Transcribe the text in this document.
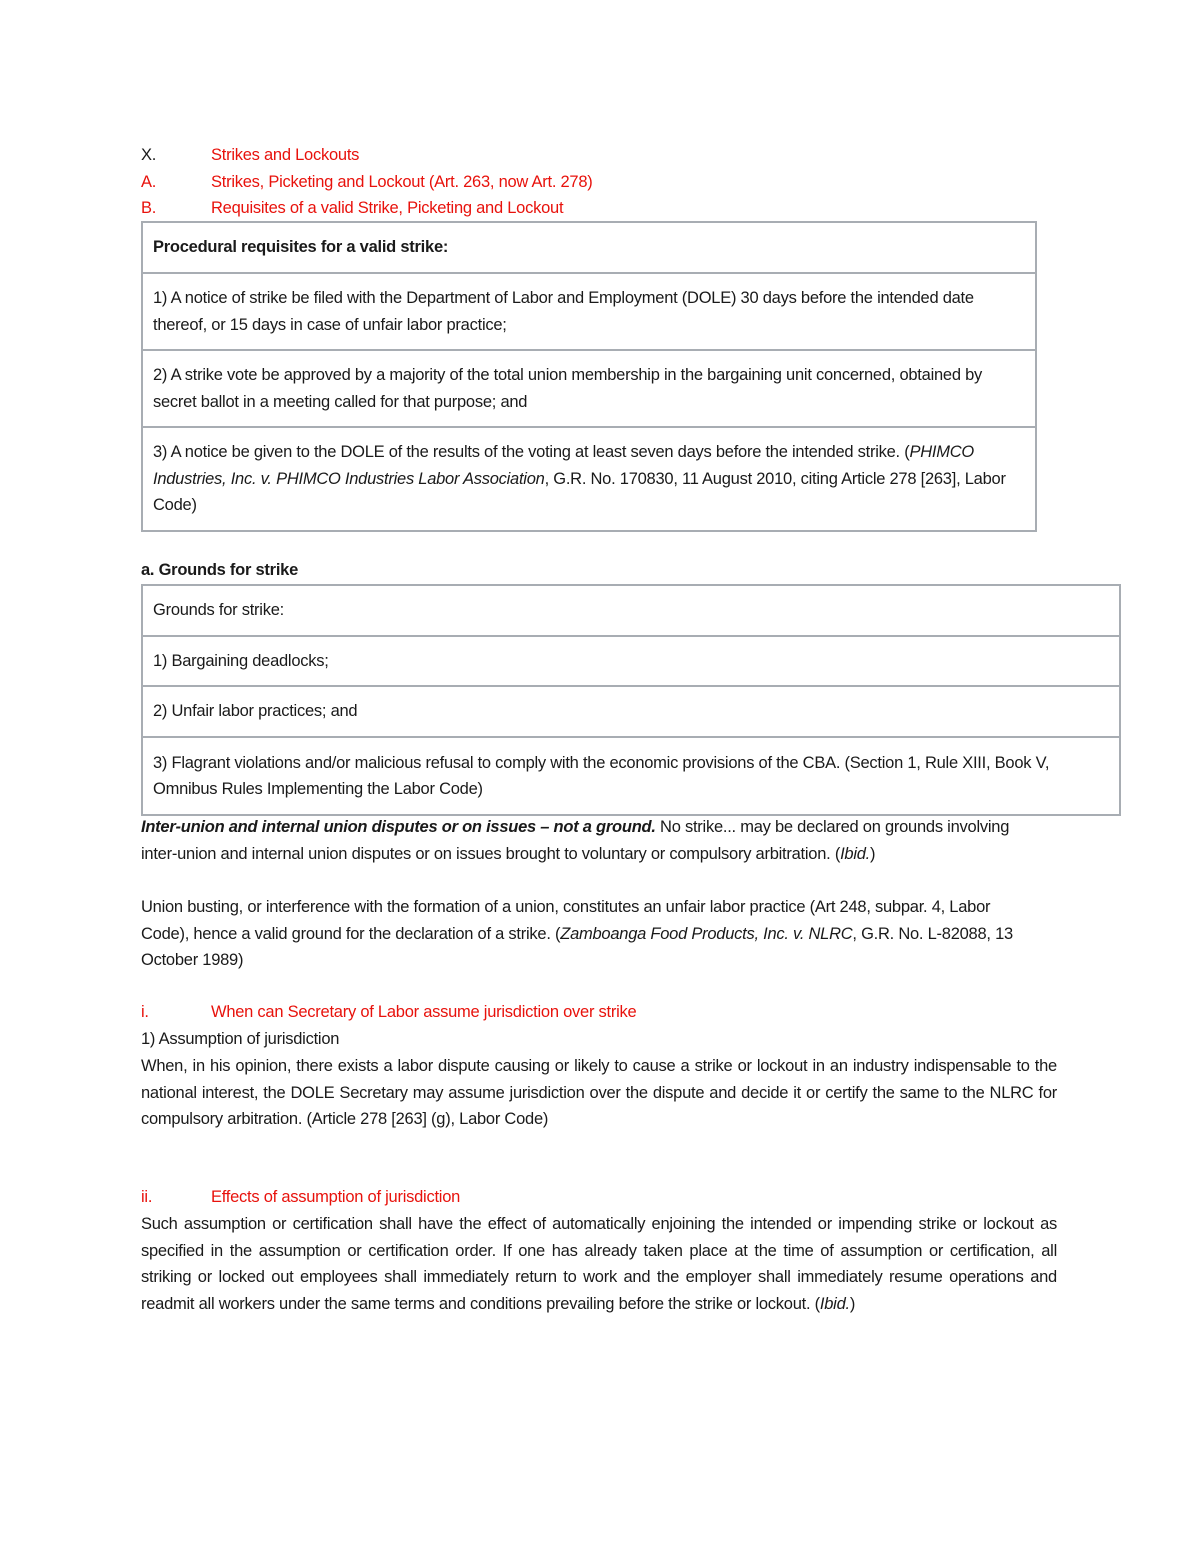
X.	Strikes and Lockouts
A.	Strikes, Picketing and Lockout (Art. 263, now Art. 278)
B.	Requisites of a valid Strike, Picketing and Lockout
Procedural requisites for a valid strike:
1) A notice of strike be filed with the Department of Labor and Employment (DOLE) 30 days before the intended date thereof, or 15 days in case of unfair labor practice;
2) A strike vote be approved by a majority of the total union membership in the bargaining unit concerned, obtained by secret ballot in a meeting called for that purpose; and
3) A notice be given to the DOLE of the results of the voting at least seven days before the intended strike. (PHIMCO Industries, Inc. v. PHIMCO Industries Labor Association, G.R. No. 170830, 11 August 2010, citing Article 278 [263], Labor Code)
a. Grounds for strike
Grounds for strike:
1) Bargaining deadlocks;
2) Unfair labor practices; and
3) Flagrant violations and/or malicious refusal to comply with the economic provisions of the CBA. (Section 1, Rule XIII, Book V, Omnibus Rules Implementing the Labor Code)
Inter-union and internal union disputes or on issues – not a ground. No strike... may be declared on grounds involving inter-union and internal union disputes or on issues brought to voluntary or compulsory arbitration. (Ibid.)
Union busting, or interference with the formation of a union, constitutes an unfair labor practice (Art 248, subpar. 4, Labor Code), hence a valid ground for the declaration of a strike. (Zamboanga Food Products, Inc. v. NLRC, G.R. No. L-82088, 13 October 1989)
i.	When can Secretary of Labor assume jurisdiction over strike
1) Assumption of jurisdiction
When, in his opinion, there exists a labor dispute causing or likely to cause a strike or lockout in an industry indispensable to the national interest, the DOLE Secretary may assume jurisdiction over the dispute and decide it or certify the same to the NLRC for compulsory arbitration. (Article 278 [263] (g), Labor Code)
ii.	Effects of assumption of jurisdiction
Such assumption or certification shall have the effect of automatically enjoining the intended or impending strike or lockout as specified in the assumption or certification order. If one has already taken place at the time of assumption or certification, all striking or locked out employees shall immediately return to work and the employer shall immediately resume operations and readmit all workers under the same terms and conditions prevailing before the strike or lockout. (Ibid.)
